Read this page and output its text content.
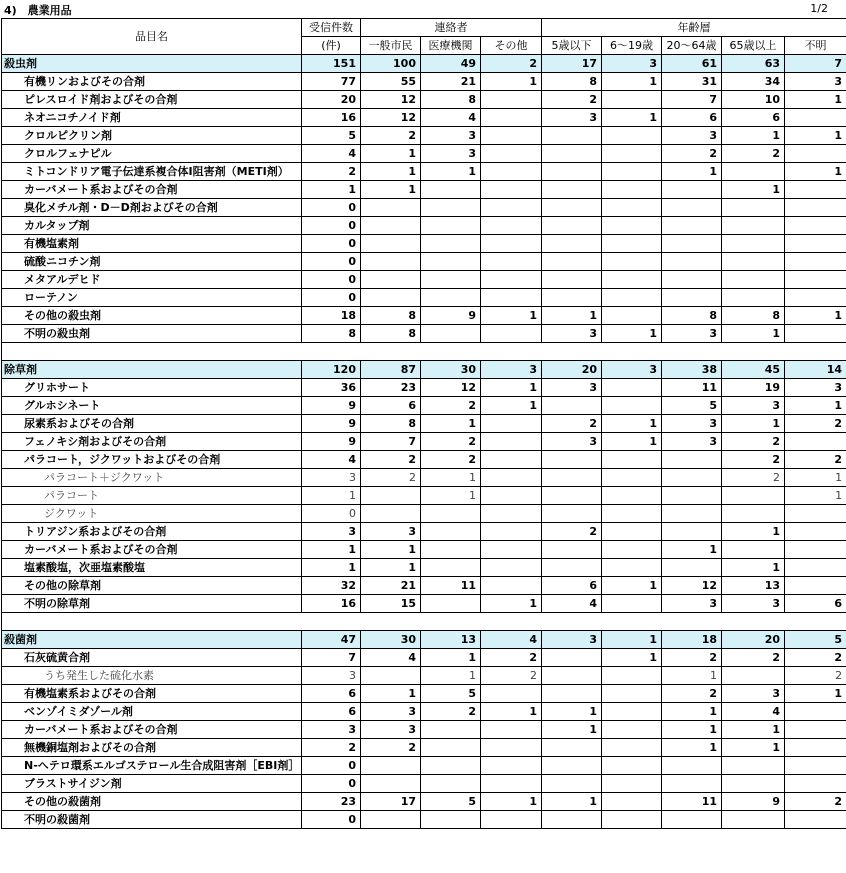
4)　農業用品	1/2
品目名	受信件数	連絡者			年齢層				
	(件)	一般市民	医療機関	その他	5歳以下	6～19歳	20～64歳	65歳以上	不明
殺虫剤	151	100	49	2	17	3	61	63	7
有機リンおよびその合剤	77	55	21	1	8	1	31	34	3
ピレスロイド剤およびその合剤	20	12	8		2		7	10	1
ネオニコチノイド剤	16	12	4		3	1	6	6	
クロルピクリン剤	5	2	3				3	1	1
クロルフェナピル	4	1	3				2	2	
ミトコンドリア電子伝達系複合体Ⅰ阻害剤（METI剤）	2	1	1				1		1
カーバメート系およびその合剤	1	1						1	
臭化メチル剤・D－D剤およびその合剤	0								
カルタップ剤	0								
有機塩素剤	0								
硫酸ニコチン剤	0								
メタアルデヒド	0								
ローテノン	0								
その他の殺虫剤	18	8	9	1	1		8	8	1
不明の殺虫剤	8	8			3	1	3	1	

除草剤	120	87	30	3	20	3	38	45	14
グリホサート	36	23	12	1	3		11	19	3
グルホシネート	9	6	2	1			5	3	1
尿素系およびその合剤	9	8	1		2	1	3	1	2
フェノキシ剤およびその合剤	9	7	2		3	1	3	2	
パラコート，ジクワットおよびその合剤	4	2	2					2	2
パラコート＋ジクワット	3	2	1					2	1
パラコート	1		1						1
ジクワット	0								
トリアジン系およびその合剤	3	3			2			1	
カーバメート系およびその合剤	1	1					1		
塩素酸塩，次亜塩素酸塩	1	1						1	
その他の除草剤	32	21	11		6	1	12	13	
不明の除草剤	16	15		1	4		3	3	6

殺菌剤	47	30	13	4	3	1	18	20	5
石灰硫黄合剤	7	4	1	2		1	2	2	2
うち発生した硫化水素	3		1	2			1		2
有機塩素系およびその合剤	6	1	5				2	3	1
ベンゾイミダゾール剤	6	3	2	1	1		1	4	
カーバメート系およびその合剤	3	3			1		1	1	
無機銅塩剤およびその合剤	2	2					1	1	
N-ヘテロ環系エルゴステロール生合成阻害剤［EBI剤］	0								
ブラストサイジン剤	0								
その他の殺菌剤	23	17	5	1	1		11	9	2
不明の殺菌剤	0								
